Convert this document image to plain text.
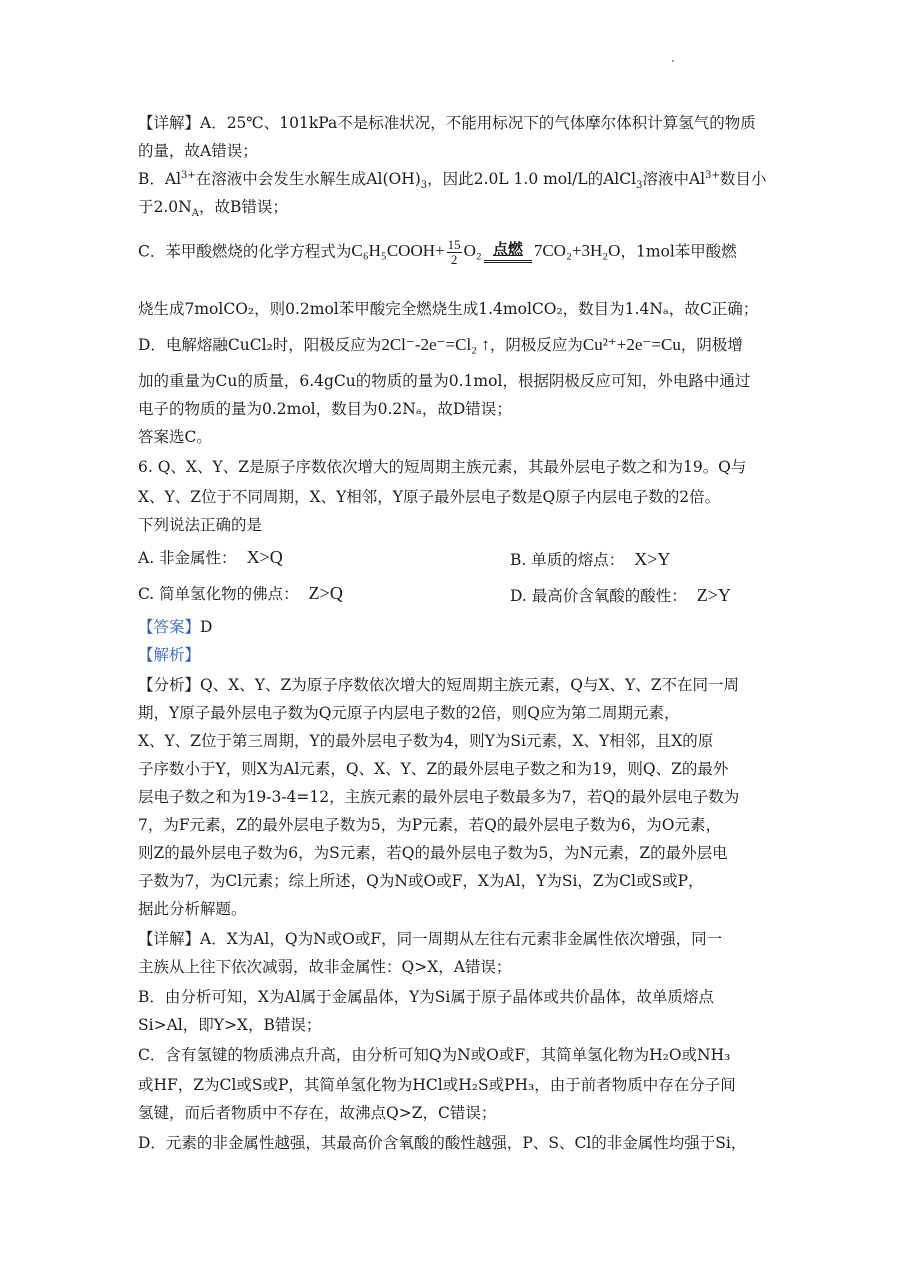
【详解】A．25℃、101kPa不是标准状况，不能用标况下的气体摩尔体积计算氢气的物质
的量，故A错误；
B．$Al^{3+}$在溶液中会发生水解生成$Al(OH)_3$，因此2.0L 1.0 mol/L的AlCl$_3$溶液中$Al^{3+}$数目小
于$2.0N_A$，故B错误；
C．苯甲酸燃烧的化学方程式为C₆H₅COOH+ $\frac{15}{2} O_2$ 点燃 7CO₂+3H₂O，1mol苯甲酸燃
烧生成7molCO₂，则0.2mol苯甲酸完全燃烧生成1.4molCO₂，数目为1.4Nₐ，故C正确；
D．电解熔融CuCl₂时，阳极反应为2Cl⁻-2e⁻=Cl₂ ↑，阴极反应为Cu²⁺+2e⁻=Cu，阴极增
加的重量为Cu的质量，6.4gCu的物质的量为0.1mol，根据阴极反应可知，外电路中通过
电子的物质的量为0.2mol，数目为0.2Nₐ，故D错误；
答案选C。
6. Q、X、Y、Z是原子序数依次增大的短周期主族元素，其最外层电子数之和为19。Q与
X、Y、Z位于不同周期，X、Y相邻，Y原子最外层电子数是Q原子内层电子数的2倍。
下列说法正确的是
A. 非金属性： X>Q	B. 单质的熔点： X>Y
C. 简单氢化物的佛点： Z>Q	D. 最高价含氧酸的酸性： Z>Y
【答案】D
【解析】
【分析】Q、X、Y、Z为原子序数依次增大的短周期主族元素，Q与X、Y、Z不在同一周
期，Y原子最外层电子数为Q元原子内层电子数的2倍，则Q应为第二周期元素，
X、Y、Z位于第三周期，Y的最外层电子数为4，则Y为Si元素，X、Y相邻，且X的原
子序数小于Y，则X为Al元素，Q、X、Y、Z的最外层电子数之和为19，则Q、Z的最外
层电子数之和为19-3-4=12，主族元素的最外层电子数最多为7，若Q的最外层电子数为
7，为F元素，Z的最外层电子数为5，为P元素，若Q的最外层电子数为6，为O元素，
则Z的最外层电子数为6，为S元素，若Q的最外层电子数为5，为N元素，Z的最外层电
子数为7，为Cl元素；综上所述，Q为N或O或F，X为Al，Y为Si，Z为Cl或S或P，
据此分析解题。
【详解】A．X为Al，Q为N或O或F，同一周期从左往右元素非金属性依次增强，同一
主族从上往下依次减弱，故非金属性：Q>X，A错误；
B．由分析可知，X为Al属于金属晶体，Y为Si属于原子晶体或共价晶体，故单质熔点
Si>Al，即Y>X，B错误；
C．含有氢键的物质沸点升高，由分析可知Q为N或O或F，其简单氢化物为H₂O或NH₃
或HF，Z为Cl或S或P，其简单氢化物为HCl或H₂S或PH₃，由于前者物质中存在分子间
氢键，而后者物质中不存在，故沸点Q>Z，C错误；
D．元素的非金属性越强，其最高价含氧酸的酸性越强，P、S、Cl的非金属性均强于Si，
